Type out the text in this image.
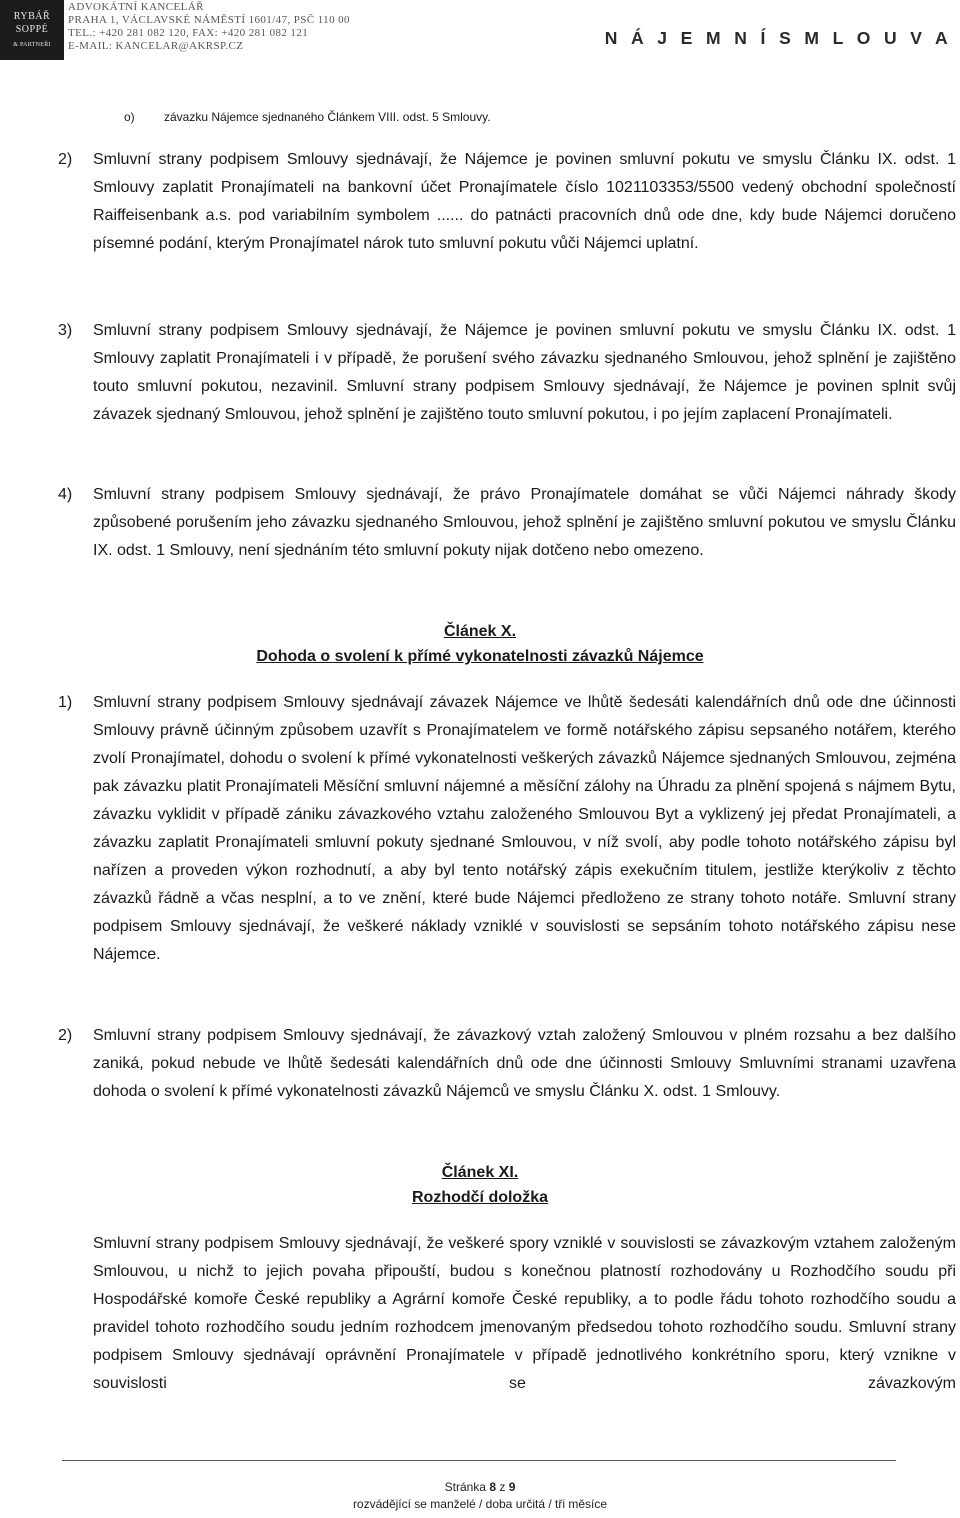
RYBÁŘ
SOPPÉ
& PARTNEŘI
ADVOKÁTNÍ KANCELÁŘ
PRAHA 1, VÁCLAVSKÉ NÁMĚSTÍ 1601/47, PSČ 110 00
TEL.: +420 281 082 120, FAX: +420 281 082 121
E-MAIL: KANCELAR@AKRSP.CZ	N Á J E M N Í S M L O U V A
o) závazku Nájemce sjednaného Článkem VIII. odst. 5 Smlouvy.
2) Smluvní strany podpisem Smlouvy sjednávají, že Nájemce je povinen smluvní pokutu ve smyslu Článku IX. odst. 1 Smlouvy zaplatit Pronajímateli na bankovní účet Pronajímatele číslo 1021103353/5500 vedený obchodní společností Raiffeisenbank a.s. pod variabilním symbolem ...... do patnácti pracovních dnů ode dne, kdy bude Nájemci doručeno písemné podání, kterým Pronajímatel nárok tuto smluvní pokutu vůči Nájemci uplatní.
3) Smluvní strany podpisem Smlouvy sjednávají, že Nájemce je povinen smluvní pokutu ve smyslu Článku IX. odst. 1 Smlouvy zaplatit Pronajímateli i v případě, že porušení svého závazku sjednaného Smlouvou, jehož splnění je zajištěno touto smluvní pokutou, nezavinil. Smluvní strany podpisem Smlouvy sjednávají, že Nájemce je povinen splnit svůj závazek sjednaný Smlouvou, jehož splnění je zajištěno touto smluvní pokutou, i po jejím zaplacení Pronajímateli.
4) Smluvní strany podpisem Smlouvy sjednávají, že právo Pronajímatele domáhat se vůči Nájemci náhrady škody způsobené porušením jeho závazku sjednaného Smlouvou, jehož splnění je zajištěno smluvní pokutou ve smyslu Článku IX. odst. 1 Smlouvy, není sjednáním této smluvní pokuty nijak dotčeno nebo omezeno.
Článek X.
Dohoda o svolení k přímé vykonatelnosti závazků Nájemce
1) Smluvní strany podpisem Smlouvy sjednávají závazek Nájemce ve lhůtě šedesáti kalendářních dnů ode dne účinnosti Smlouvy právně účinným způsobem uzavřít s Pronajímatelem ve formě notářského zápisu sepsaného notářem, kterého zvolí Pronajímatel, dohodu o svolení k přímé vykonatelnosti veškerých závazků Nájemce sjednaných Smlouvou, zejména pak závazku platit Pronajímateli Měsíční smluvní nájemné a měsíční zálohy na Úhradu za plnění spojená s nájmem Bytu, závazku vyklidit v případě zániku závazkového vztahu založeného Smlouvou Byt a vyklizený jej předat Pronajímateli, a závazku zaplatit Pronajímateli smluvní pokuty sjednané Smlouvou, v níž svolí, aby podle tohoto notářského zápisu byl nařízen a proveden výkon rozhodnutí, a aby byl tento notářský zápis exekučním titulem, jestliže kterýkoliv z těchto závazků řádně a včas nesplní, a to ve znění, které bude Nájemci předloženo ze strany tohoto notáře. Smluvní strany podpisem Smlouvy sjednávají, že veškeré náklady vzniklé v souvislosti se sepsáním tohoto notářského zápisu nese Nájemce.
2) Smluvní strany podpisem Smlouvy sjednávají, že závazkový vztah založený Smlouvou v plném rozsahu a bez dalšího zaniká, pokud nebude ve lhůtě šedesáti kalendářních dnů ode dne účinnosti Smlouvy Smluvními stranami uzavřena dohoda o svolení k přímé vykonatelnosti závazků Nájemců ve smyslu Článku X. odst. 1 Smlouvy.
Článek XI.
Rozhodčí doložka
Smluvní strany podpisem Smlouvy sjednávají, že veškeré spory vzniklé v souvislosti se závazkovým vztahem založeným Smlouvou, u nichž to jejich povaha připouští, budou s konečnou platností rozhodovány u Rozhodčího soudu při Hospodářské komoře České republiky a Agrární komoře České republiky, a to podle řádu tohoto rozhodčího soudu a pravidel tohoto rozhodčího soudu jedním rozhodcem jmenovaným předsedou tohoto rozhodčího soudu. Smluvní strany podpisem Smlouvy sjednávají oprávnění Pronajímatele v případě jednotlivého konkrétního sporu, který vznikne v souvislosti se závazkovým
Stránka 8 z 9
rozvádějící se manželé / doba určitá / tři měsíce
